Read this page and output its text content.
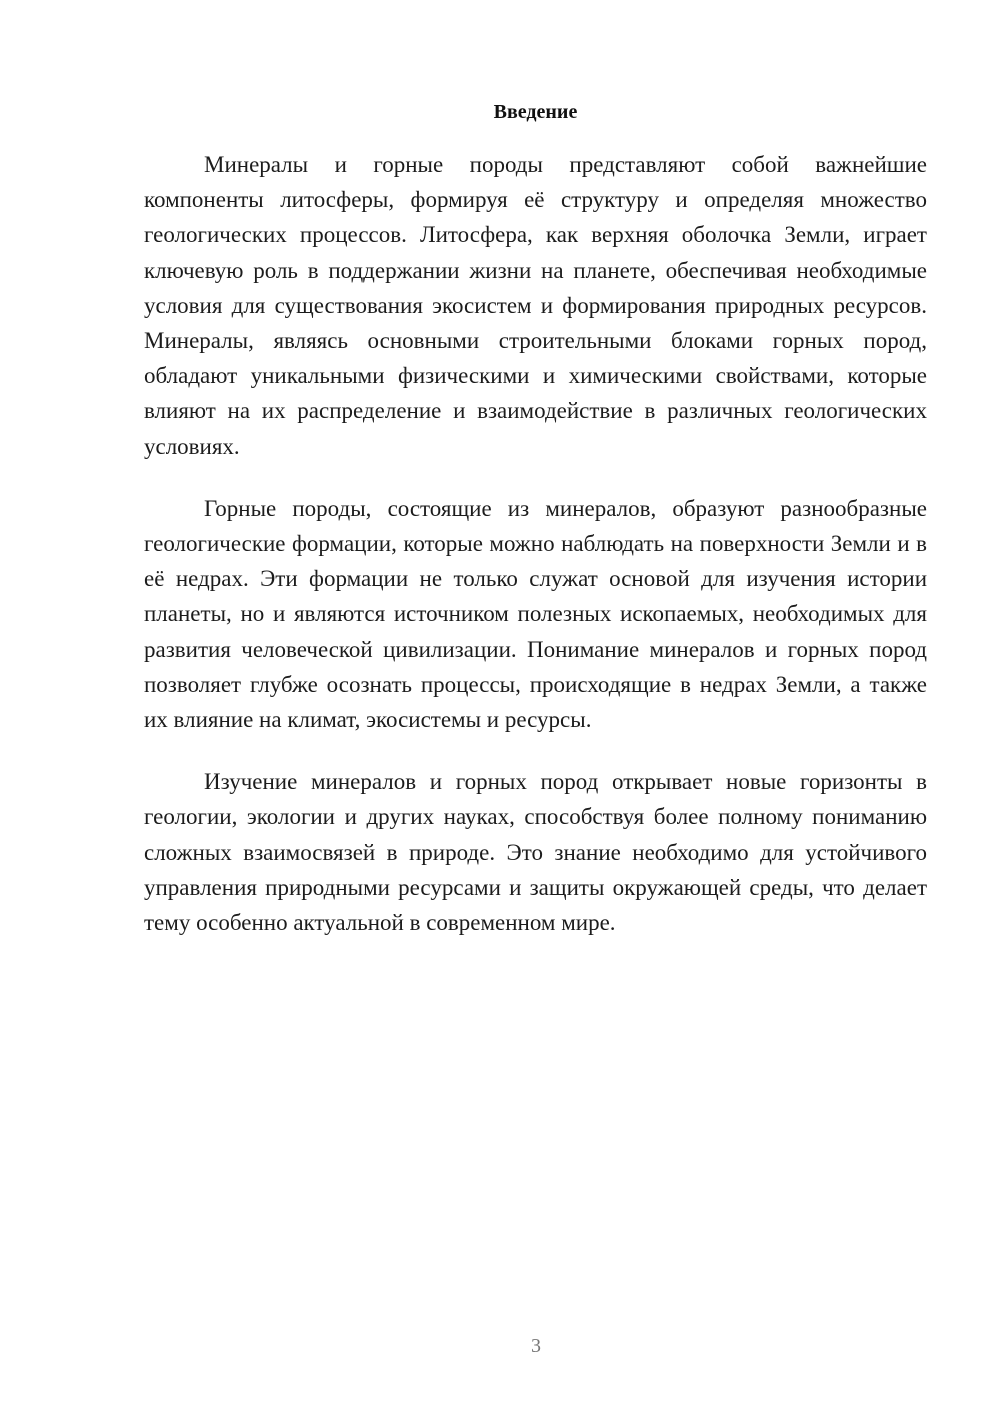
Введение

Минералы и горные породы представляют собой важнейшие компоненты литосферы, формируя её структуру и определяя множество геологических процессов. Литосфера, как верхняя оболочка Земли, играет ключевую роль в поддержании жизни на планете, обеспечивая необходимые условия для существования экосистем и формирования природных ресурсов. Минералы, являясь основными строительными блоками горных пород, обладают уникальными физическими и химическими свойствами, которые влияют на их распределение и взаимодействие в различных геологических условиях.

Горные породы, состоящие из минералов, образуют разнообразные геологические формации, которые можно наблюдать на поверхности Земли и в её недрах. Эти формации не только служат основой для изучения истории планеты, но и являются источником полезных ископаемых, необходимых для развития человеческой цивилизации. Понимание минералов и горных пород позволяет глубже осознать процессы, происходящие в недрах Земли, а также их влияние на климат, экосистемы и ресурсы.

Изучение минералов и горных пород открывает новые горизонты в геологии, экологии и других науках, способствуя более полному пониманию сложных взаимосвязей в природе. Это знание необходимо для устойчивого управления природными ресурсами и защиты окружающей среды, что делает тему особенно актуальной в современном мире.

3
